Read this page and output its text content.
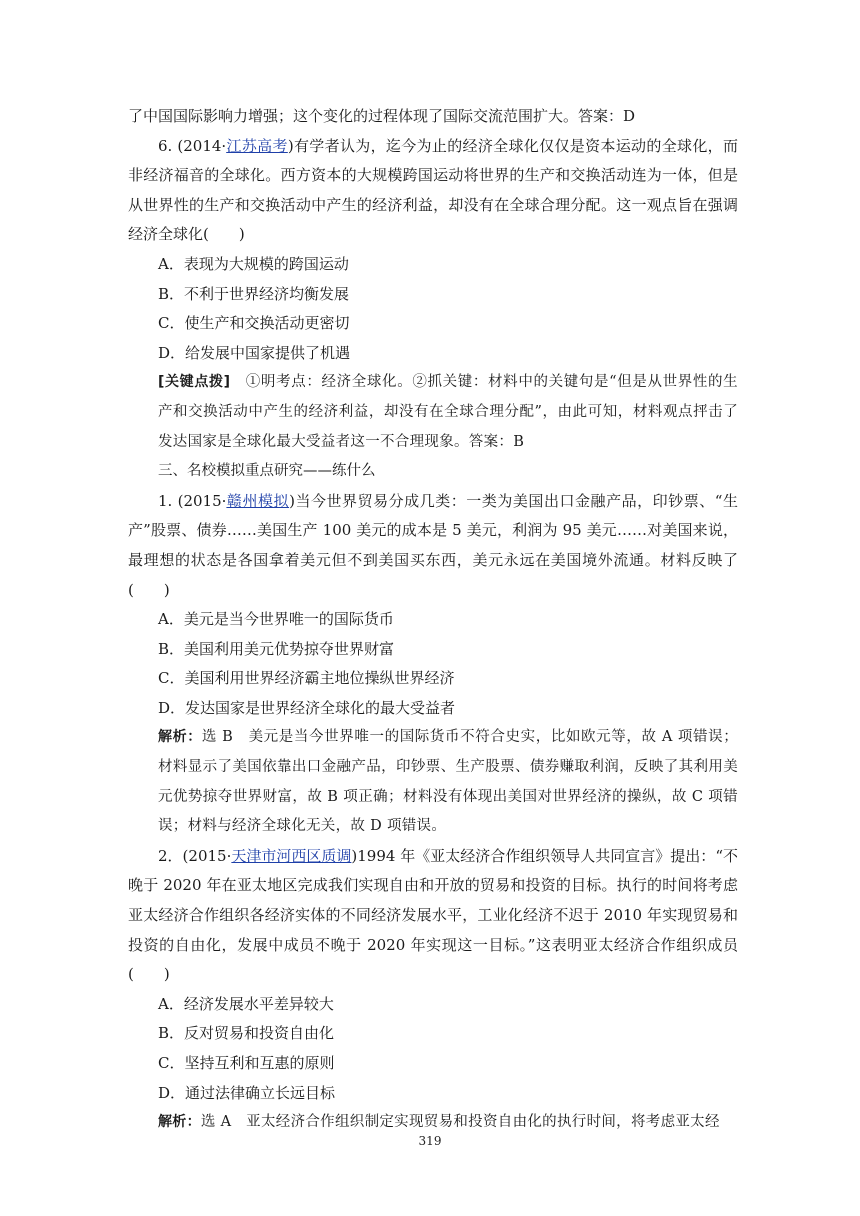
了中国国际影响力增强；这个变化的过程体现了国际交流范围扩大。答案：D

6. (2014·江苏高考)有学者认为，迄今为止的经济全球化仅仅是资本运动的全球化，而非经济福音的全球化。西方资本的大规模跨国运动将世界的生产和交换活动连为一体，但是从世界性的生产和交换活动中产生的经济利益，却没有在全球合理分配。这一观点旨在强调经济全球化(　　)

A．表现为大规模的跨国运动

B．不利于世界经济均衡发展

C．使生产和交换活动更密切

D．给发展中国家提供了机遇

[关键点拨]　①明考点：经济全球化。②抓关键：材料中的关键句是“但是从世界性的生产和交换活动中产生的经济利益，却没有在全球合理分配”，由此可知，材料观点抨击了发达国家是全球化最大受益者这一不合理现象。答案：B

三、名校模拟重点研究——练什么

1. (2015·赣州模拟)当今世界贸易分成几类：一类为美国出口金融产品，印钞票、“生产”股票、债券……美国生产 100 美元的成本是 5 美元，利润为 95 美元……对美国来说，最理想的状态是各国拿着美元但不到美国买东西，美元永远在美国境外流通。材料反映了(　　)

A．美元是当今世界唯一的国际货币

B．美国利用美元优势掠夺世界财富

C．美国利用世界经济霸主地位操纵世界经济

D．发达国家是世界经济全球化的最大受益者

解析：选 B　美元是当今世界唯一的国际货币不符合史实，比如欧元等，故 A 项错误；材料显示了美国依靠出口金融产品，印钞票、生产股票、债券赚取利润，反映了其利用美元优势掠夺世界财富，故 B 项正确；材料没有体现出美国对世界经济的操纵，故 C 项错误；材料与经济全球化无关，故 D 项错误。

2．(2015·天津市河西区质调)1994 年《亚太经济合作组织领导人共同宣言》提出：“不晚于 2020 年在亚太地区完成我们实现自由和开放的贸易和投资的目标。执行的时间将考虑亚太经济合作组织各经济实体的不同经济发展水平，工业化经济不迟于 2010 年实现贸易和投资的自由化，发展中成员不晚于 2020 年实现这一目标。”这表明亚太经济合作组织成员(　　)

A．经济发展水平差异较大

B．反对贸易和投资自由化

C．坚持互利和互惠的原则

D．通过法律确立长远目标

解析：选 A　亚太经济合作组织制定实现贸易和投资自由化的执行时间，将考虑亚太经

319
